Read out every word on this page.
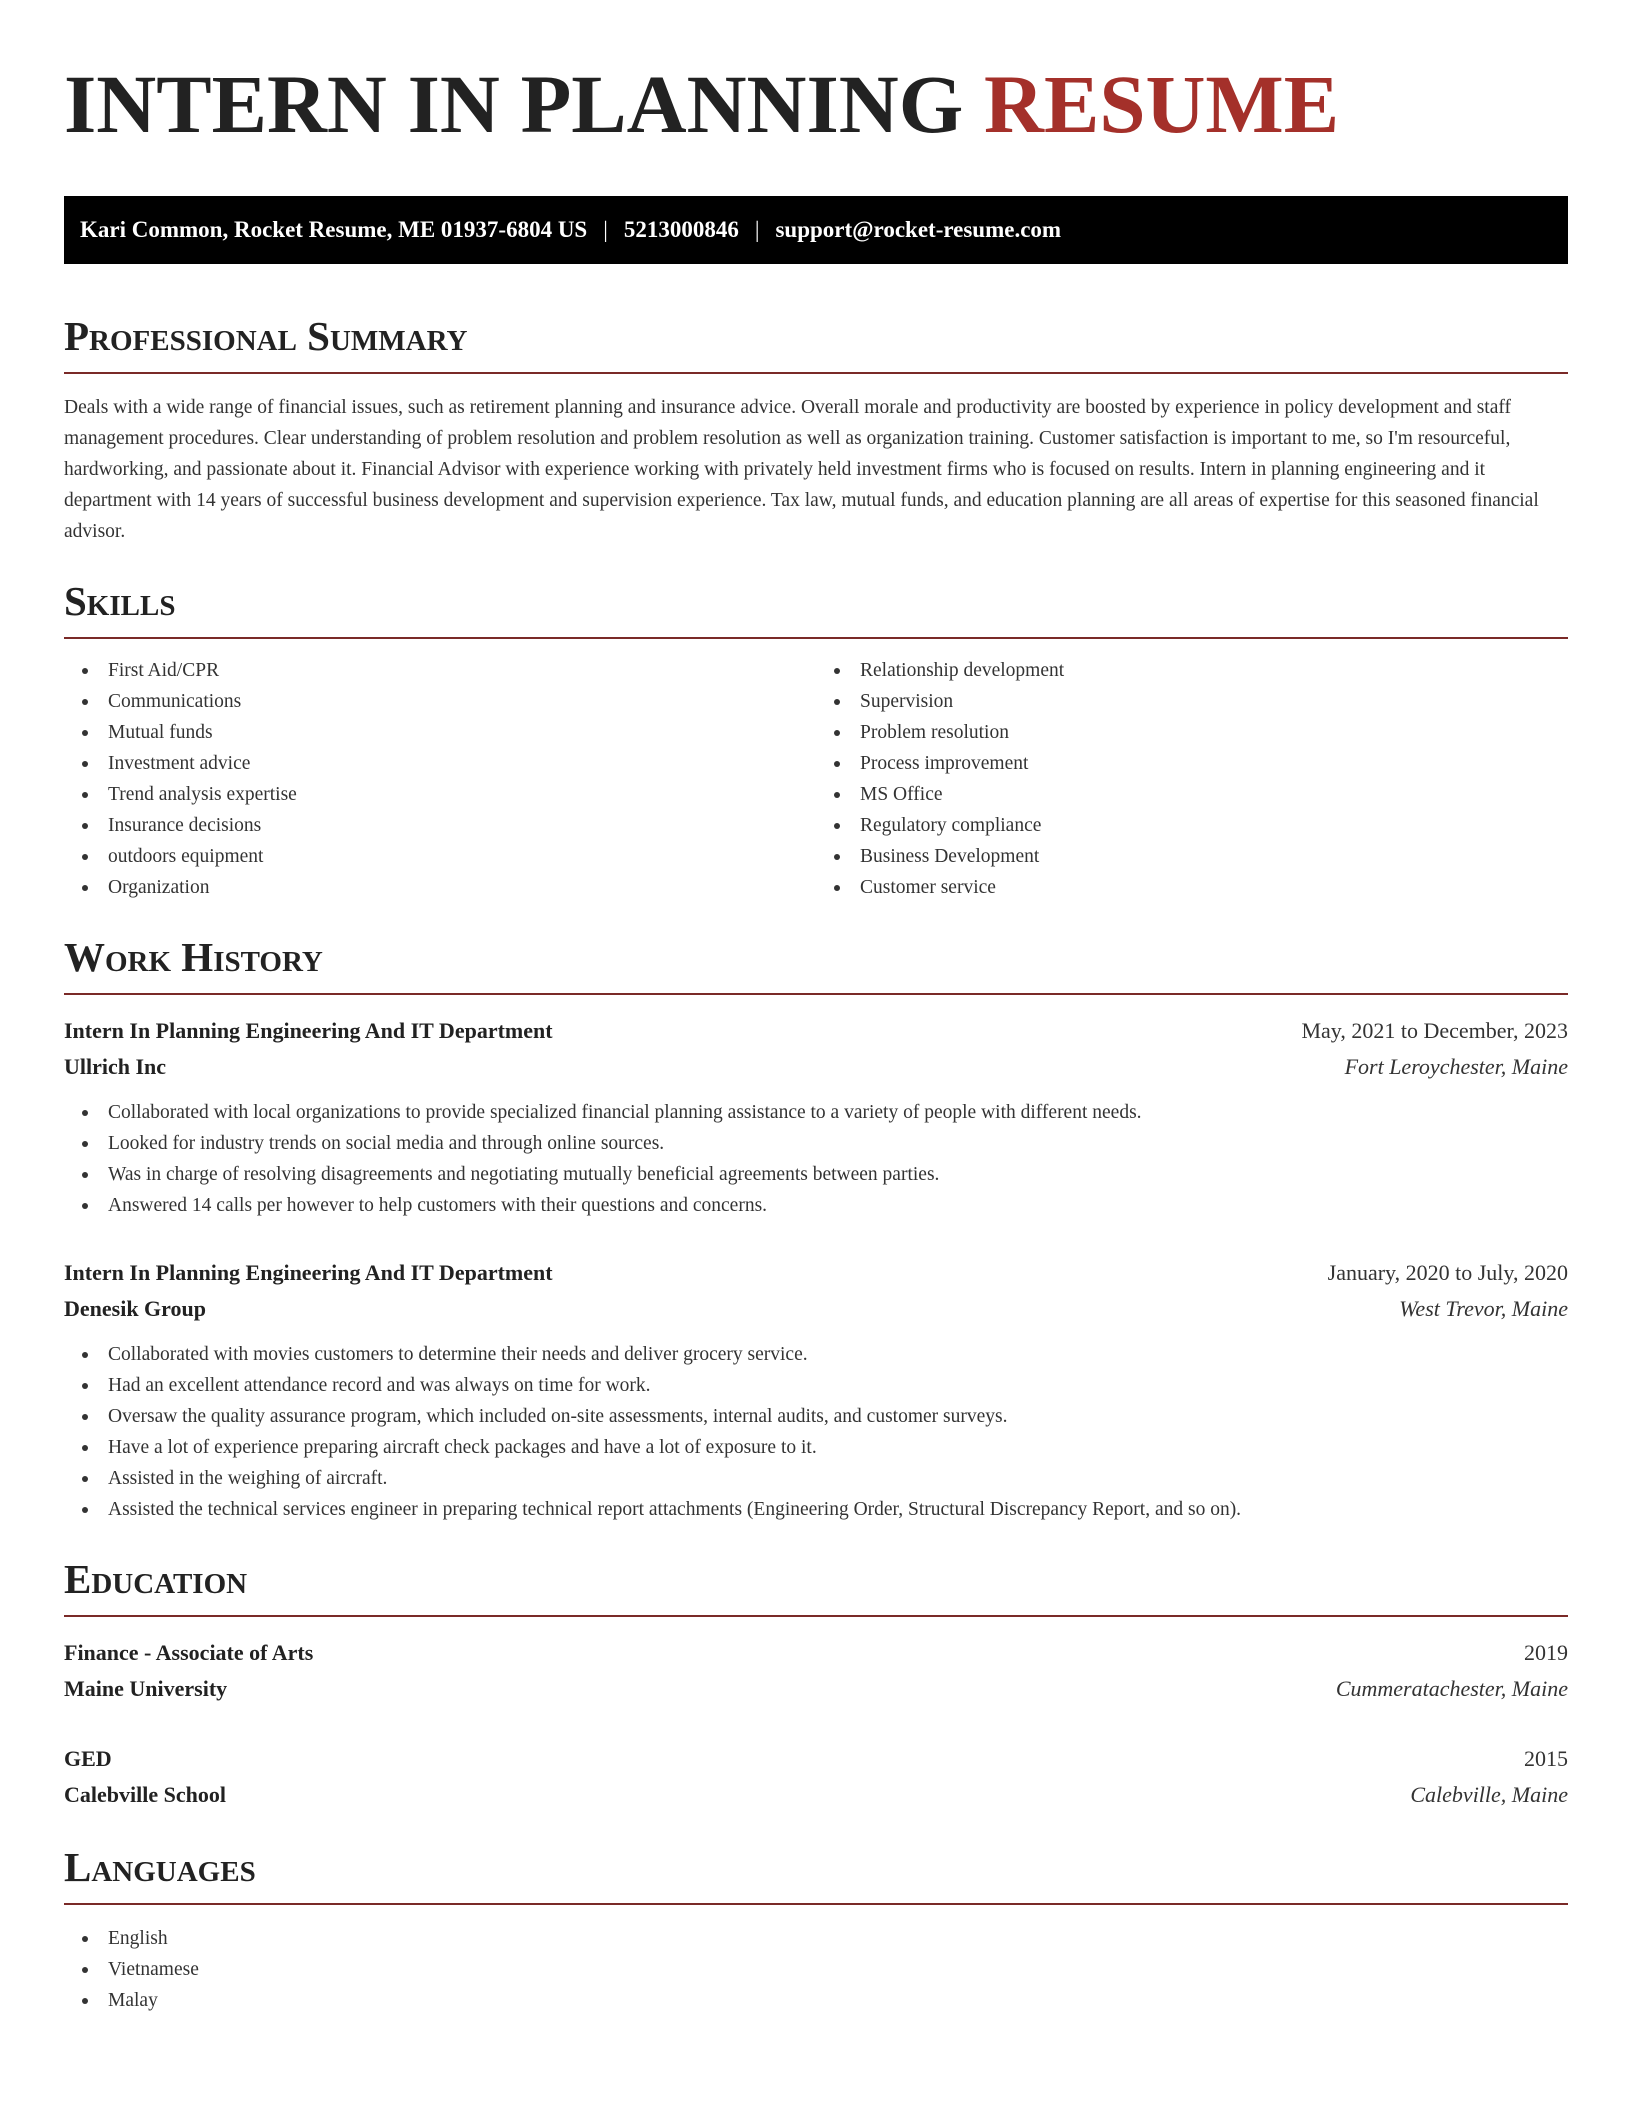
INTERN IN PLANNING RESUME
Kari Common, Rocket Resume, ME 01937-6804 US | 5213000846 | support@rocket-resume.com
Professional Summary

Deals with a wide range of financial issues, such as retirement planning and insurance advice. Overall morale and productivity are boosted by experience in policy development and staff management procedures. Clear understanding of problem resolution and problem resolution as well as organization training. Customer satisfaction is important to me, so I'm resourceful, hardworking, and passionate about it. Financial Advisor with experience working with privately held investment firms who is focused on results. Intern in planning engineering and it department with 14 years of successful business development and supervision experience. Tax law, mutual funds, and education planning are all areas of expertise for this seasoned financial advisor.

Skills
First Aid/CPR
Communications
Mutual funds
Investment advice
Trend analysis expertise
Insurance decisions
outdoors equipment
Organization
Relationship development
Supervision
Problem resolution
Process improvement
MS Office
Regulatory compliance
Business Development
Customer service
Work History
Intern In Planning Engineering And IT Department	May, 2021 to December, 2023
Ullrich Inc	Fort Leroychester, Maine
Collaborated with local organizations to provide specialized financial planning assistance to a variety of people with different needs.
Looked for industry trends on social media and through online sources.
Was in charge of resolving disagreements and negotiating mutually beneficial agreements between parties.
Answered 14 calls per however to help customers with their questions and concerns.
Intern In Planning Engineering And IT Department	January, 2020 to July, 2020
Denesik Group	West Trevor, Maine
Collaborated with movies customers to determine their needs and deliver grocery service.
Had an excellent attendance record and was always on time for work.
Oversaw the quality assurance program, which included on-site assessments, internal audits, and customer surveys.
Have a lot of experience preparing aircraft check packages and have a lot of exposure to it.
Assisted in the weighing of aircraft.
Assisted the technical services engineer in preparing technical report attachments (Engineering Order, Structural Discrepancy Report, and so on).
Education
Finance - Associate of Arts	2019
Maine University	Cummeratachester, Maine
GED	2015
Calebville School	Calebville, Maine
Languages
English
Vietnamese
Malay
